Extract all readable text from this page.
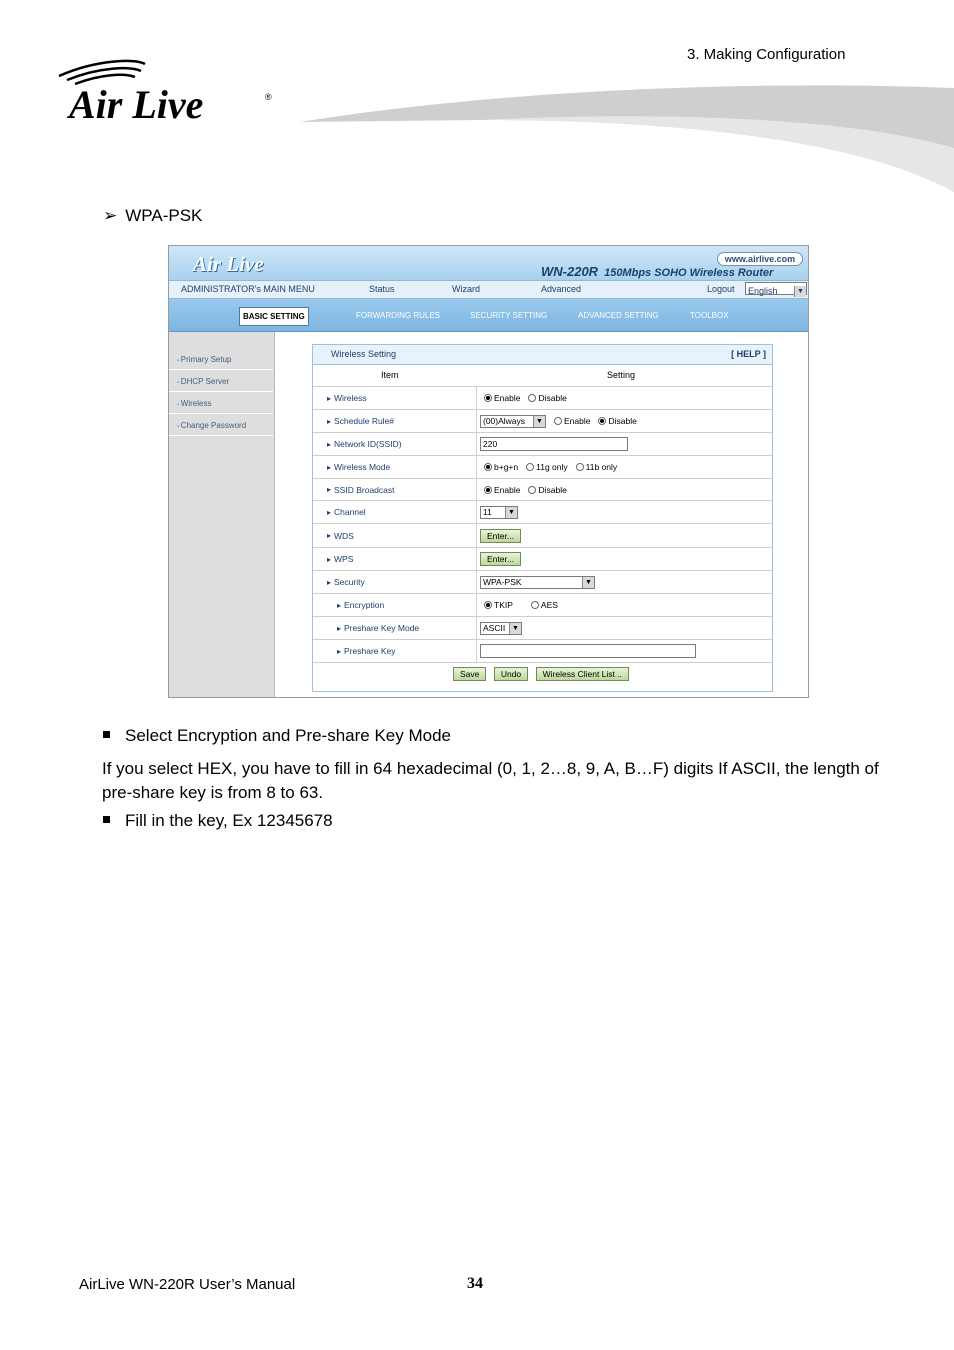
3. Making Configuration
Air Live	®
➢ WPA-PSK
Air Live	www.airlive.com
WN-220R 150Mbps SOHO Wireless Router
ADMINISTRATOR's MAIN MENU	Status	Wizard	Advanced	Logout English	▼
BASIC SETTING	FORWARDING RULES	SECURITY SETTING	ADVANCED SETTING	TOOLBOX
▪ Primary Setup
▪ DHCP Server
▪ Wireless
▪ Change Password
Wireless Setting	[ HELP ]
Item	Setting
▸ Wireless	Enable Disable
▸ Schedule Rule#	(00)Always	▼ Enable Disable
▸ Network ID(SSID)	220
▸ Wireless Mode	b+g+n 11g only 11b only
▸ SSID Broadcast	Enable Disable
▸ Channel	11	▼
▸ WDS	Enter...
▸ WPS	Enter...
▸ Security	WPA-PSK	▼
▸ Encryption	TKIP	AES
▸ Preshare Key Mode	ASCII ▼
▸ Preshare Key
Save	Undo	Wireless Client List ..
Select Encryption and Pre-share Key Mode
If you select HEX, you have to fill in 64 hexadecimal (0, 1, 2…8, 9, A, B…F) digits If ASCII, the length of pre-share key is from 8 to 63.
Fill in the key, Ex 12345678
AirLive WN-220R User’s Manual	34
